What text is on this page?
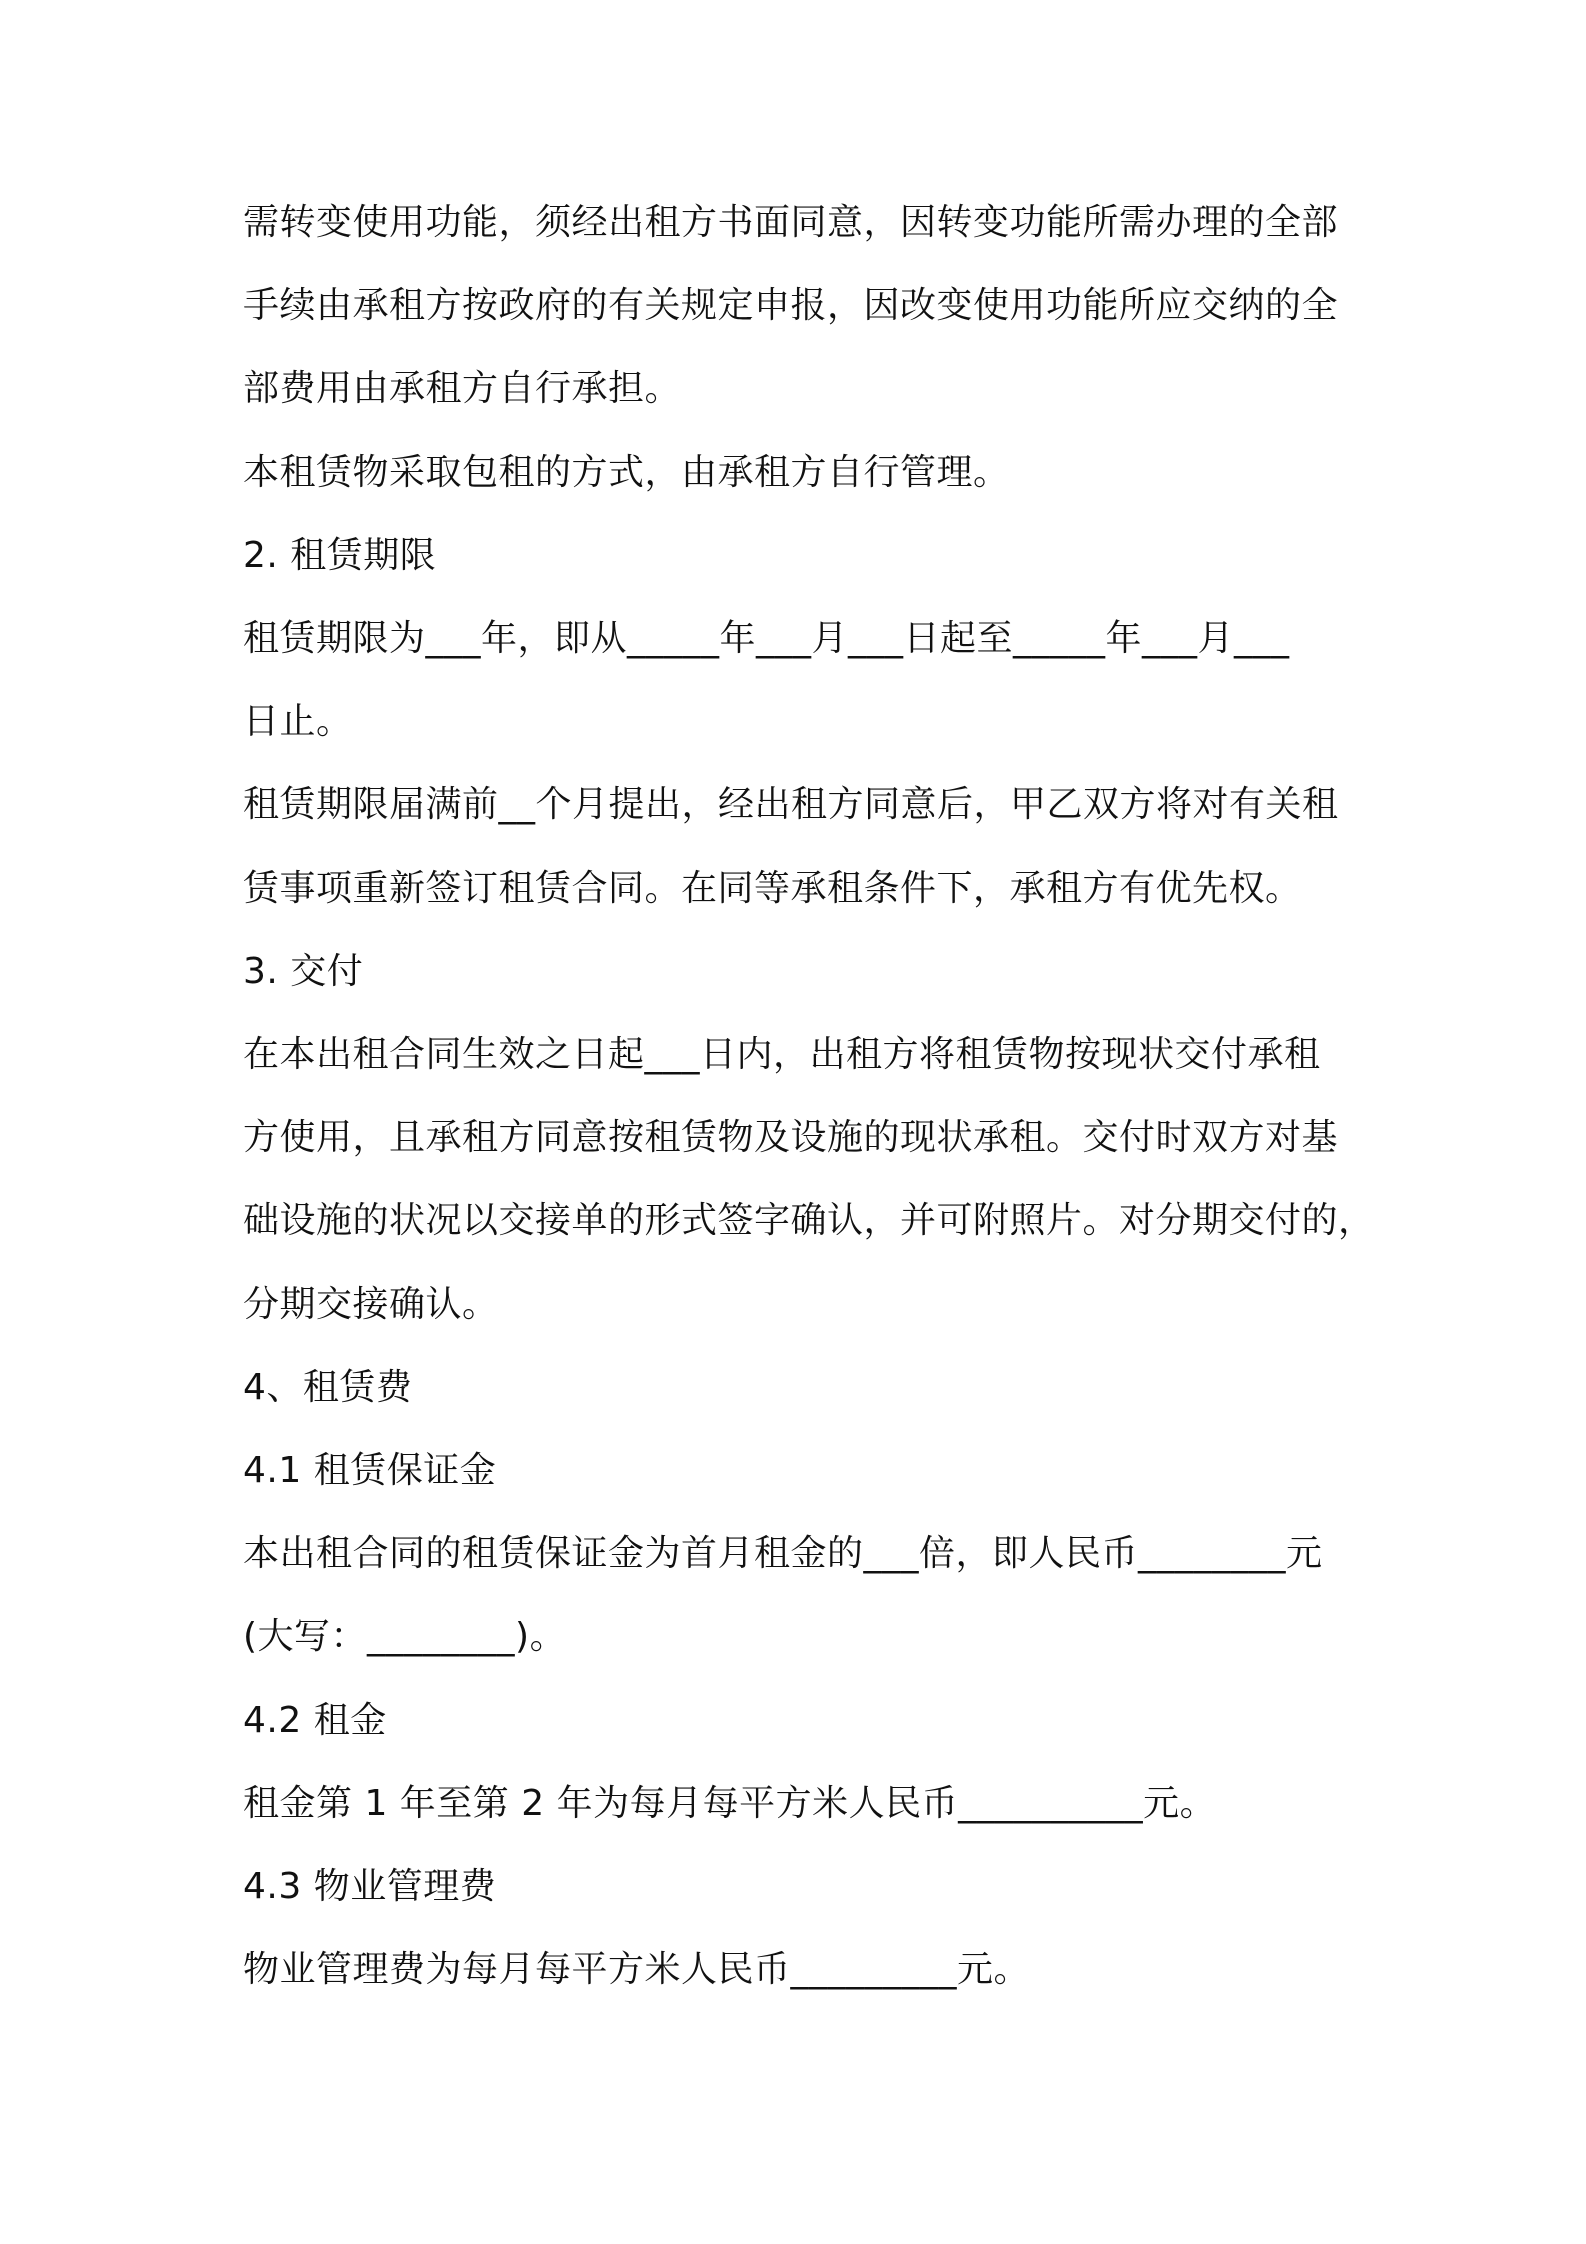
需转变使用功能，须经出租方书面同意，因转变功能所需办理的全部
手续由承租方按政府的有关规定申报，因改变使用功能所应交纳的全
部费用由承租方自行承担。
本租赁物采取包租的方式，由承租方自行管理。
2. 租赁期限
租赁期限为___年，即从_____年___月___日起至_____年___月___
日止。
租赁期限届满前__个月提出，经出租方同意后，甲乙双方将对有关租
赁事项重新签订租赁合同。在同等承租条件下，承租方有优先权。
3. 交付
在本出租合同生效之日起___日内，出租方将租赁物按现状交付承租
方使用，且承租方同意按租赁物及设施的现状承租。交付时双方对基
础设施的状况以交接单的形式签字确认，并可附照片。对分期交付的，
分期交接确认。
4、租赁费
4.1 租赁保证金
本出租合同的租赁保证金为首月租金的___倍，即人民币________元
(大写：________)。
4.2 租金
租金第 1 年至第 2 年为每月每平方米人民币__________元。
4.3 物业管理费
物业管理费为每月每平方米人民币_________元。
